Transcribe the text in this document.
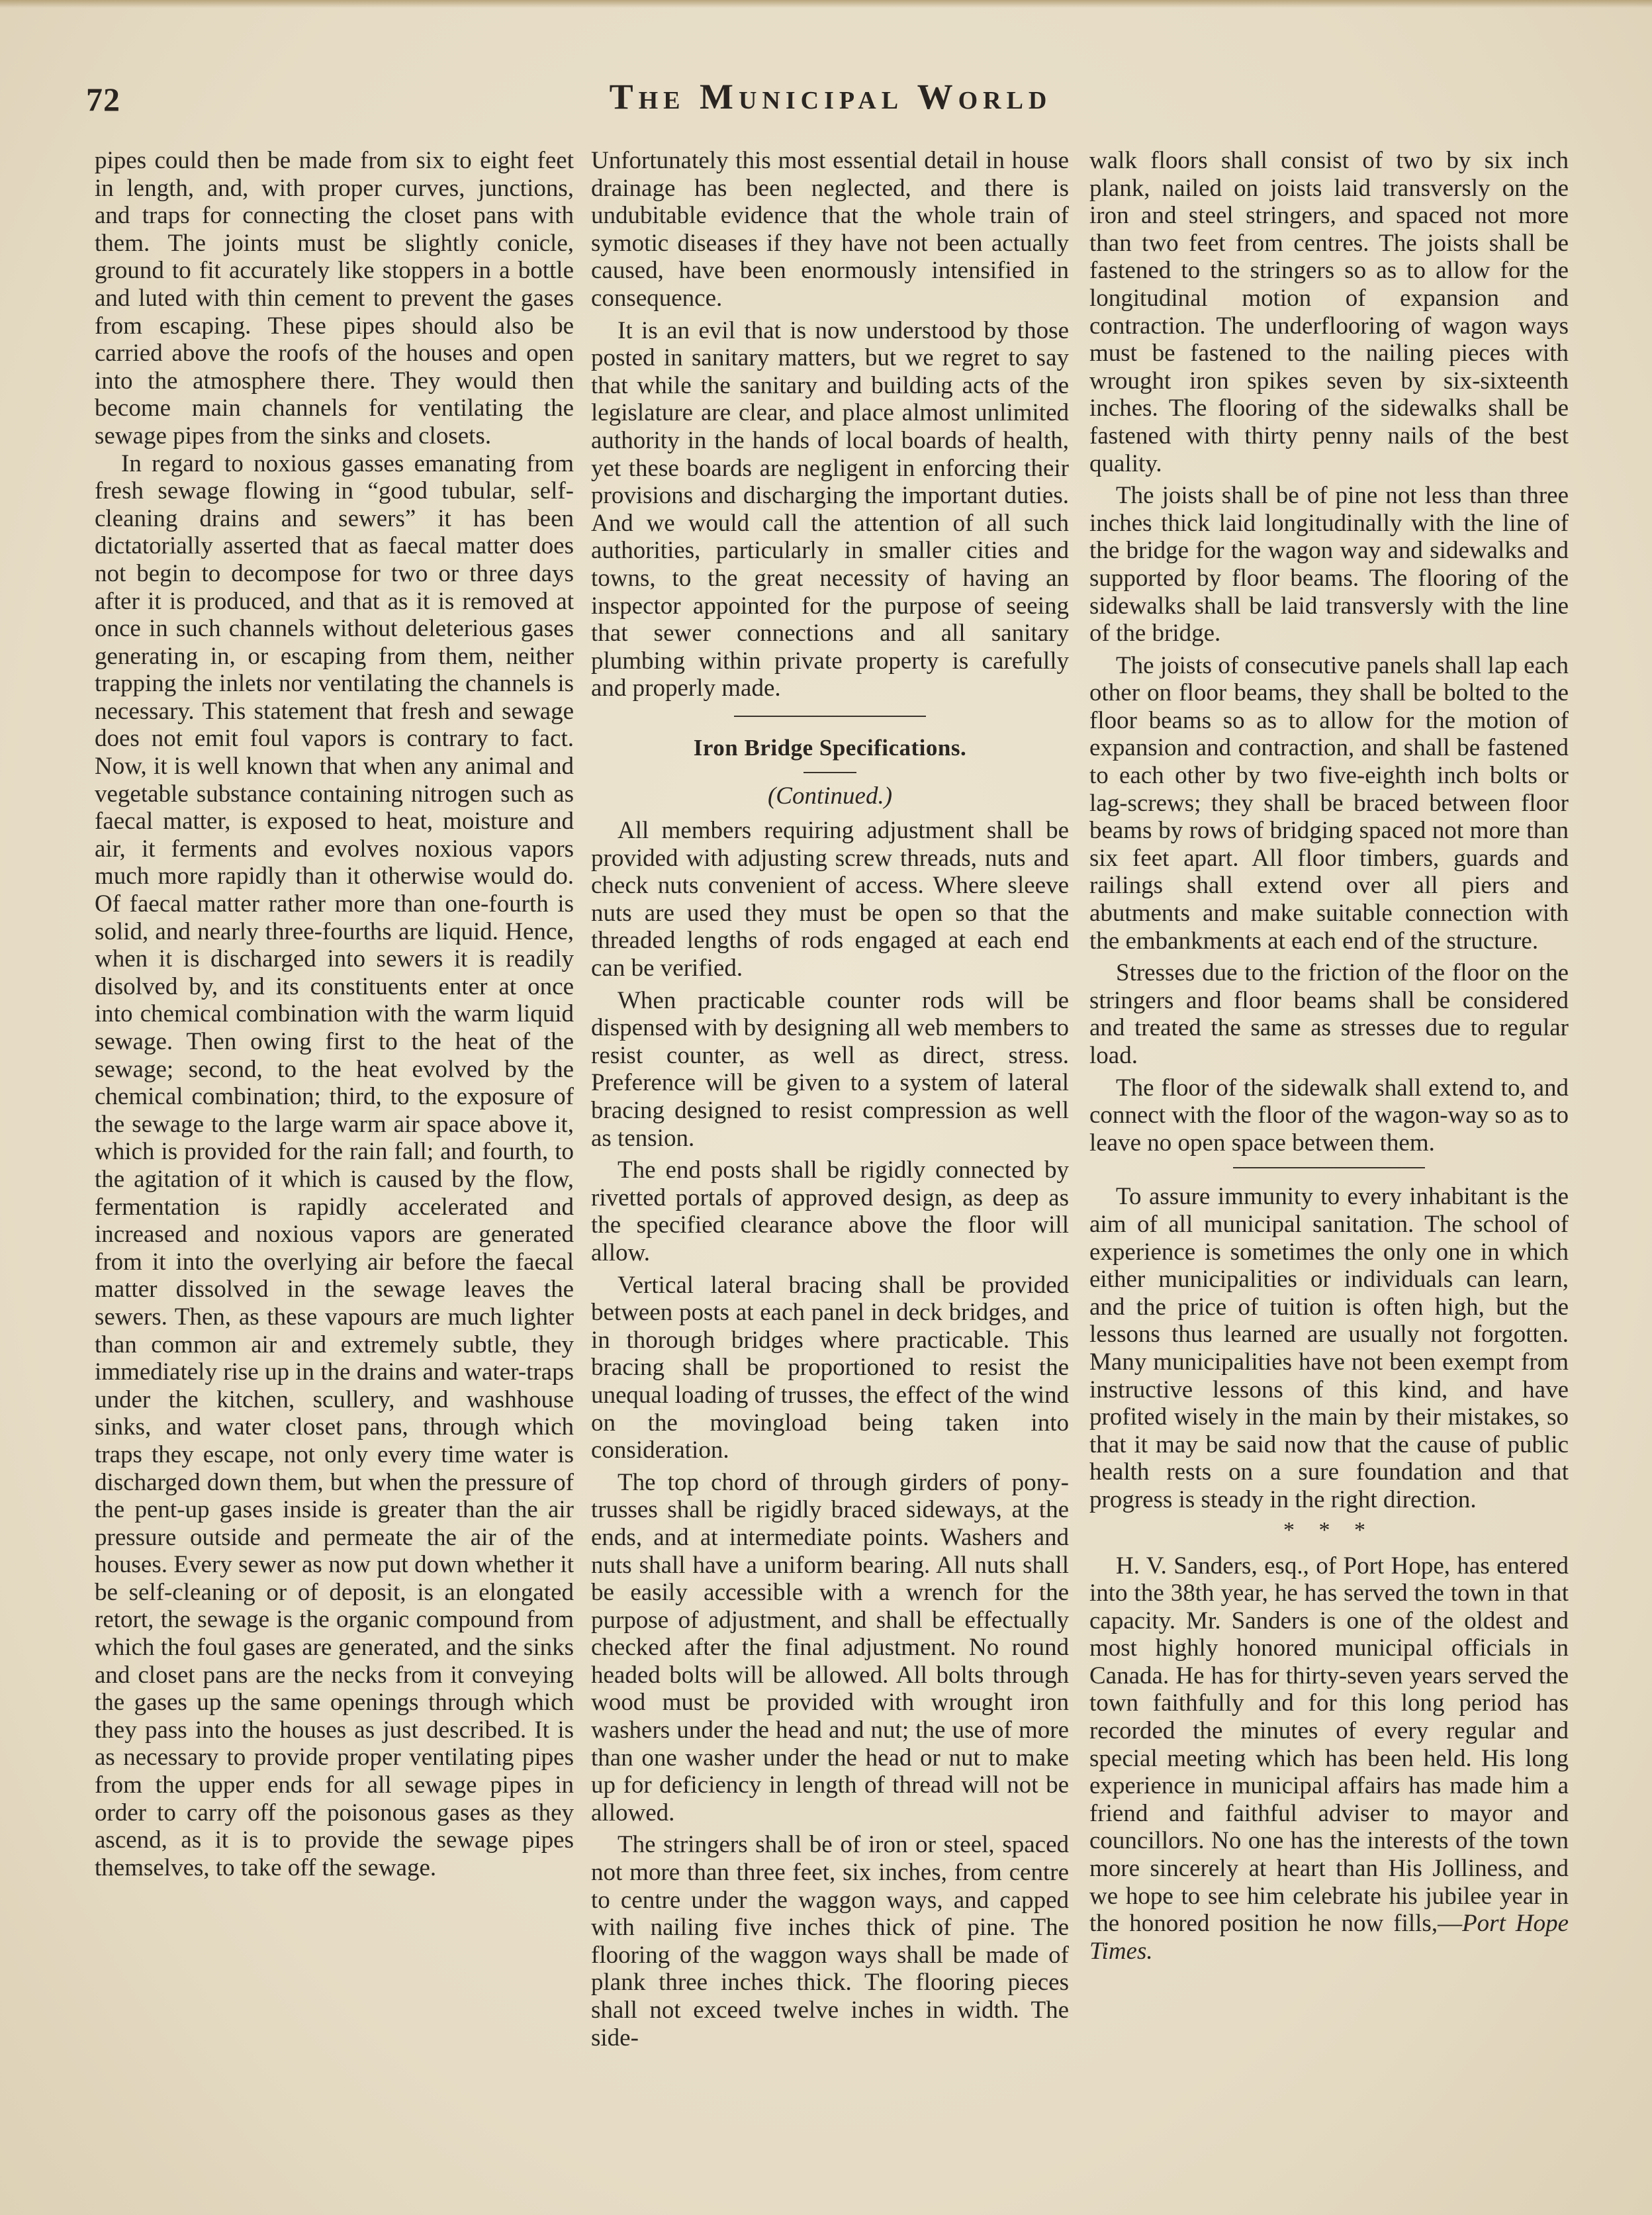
72	The Municipal World

pipes could then be made from six to eight feet in length, and, with proper curves, junctions, and traps for connecting the closet pans with them. The joints must be slightly conicle, ground to fit accurately like stoppers in a bottle and luted with thin cement to prevent the gases from escaping. These pipes should also be carried above the roofs of the houses and open into the atmosphere there. They would then become main channels for ventilating the sewage pipes from the sinks and closets.

In regard to noxious gasses emanating from fresh sewage flowing in “good tubular, self-cleaning drains and sewers” it has been dictatorially asserted that as faecal matter does not begin to decompose for two or three days after it is produced, and that as it is removed at once in such channels without deleterious gases generating in, or escaping from them, neither trapping the inlets nor ventilating the channels is necessary. This statement that fresh and sewage does not emit foul vapors is contrary to fact. Now, it is well known that when any animal and vegetable substance containing nitrogen such as faecal matter, is exposed to heat, moisture and air, it ferments and evolves noxious vapors much more rapidly than it otherwise would do. Of faecal matter rather more than one-fourth is solid, and nearly three-fourths are liquid. Hence, when it is discharged into sewers it is readily disolved by, and its constituents enter at once into chemical combination with the warm liquid sewage. Then owing first to the heat of the sewage; second, to the heat evolved by the chemical combination; third, to the exposure of the sewage to the large warm air space above it, which is provided for the rain fall; and fourth, to the agitation of it which is caused by the flow, fermentation is rapidly accelerated and increased and noxious vapors are generated from it into the overlying air before the faecal matter dissolved in the sewage leaves the sewers. Then, as these vapours are much lighter than common air and extremely subtle, they immediately rise up in the drains and water-traps under the kitchen, scullery, and washhouse sinks, and water closet pans, through which traps they escape, not only every time water is discharged down them, but when the pressure of the pent-up gases inside is greater than the air pressure outside and permeate the air of the houses. Every sewer as now put down whether it be self-cleaning or of deposit, is an elongated retort, the sewage is the organic compound from which the foul gases are generated, and the sinks and closet pans are the necks from it conveying the gases up the same openings through which they pass into the houses as just described. It is as necessary to provide proper ventilating pipes from the upper ends for all sewage pipes in order to carry off the poisonous gases as they ascend, as it is to provide the sewage pipes themselves, to take off the sewage.

Unfortunately this most essential detail in house drainage has been neglected, and there is undubitable evidence that the whole train of symotic diseases if they have not been actually caused, have been enormously intensified in consequence.

It is an evil that is now understood by those posted in sanitary matters, but we regret to say that while the sanitary and building acts of the legislature are clear, and place almost unlimited authority in the hands of local boards of health, yet these boards are negligent in enforcing their provisions and discharging the important duties. And we would call the attention of all such authorities, particularly in smaller cities and towns, to the great necessity of having an inspector appointed for the purpose of seeing that sewer connections and all sanitary plumbing within private property is carefully and properly made.

Iron Bridge Specifications.
(Continued.)

All members requiring adjustment shall be provided with adjusting screw threads, nuts and check nuts convenient of access. Where sleeve nuts are used they must be open so that the threaded lengths of rods engaged at each end can be verified.

When practicable counter rods will be dispensed with by designing all web members to resist counter, as well as direct, stress. Preference will be given to a system of lateral bracing designed to resist compression as well as tension.

The end posts shall be rigidly connected by rivetted portals of approved design, as deep as the specified clearance above the floor will allow.

Vertical lateral bracing shall be provided between posts at each panel in deck bridges, and in thorough bridges where practicable. This bracing shall be proportioned to resist the unequal loading of trusses, the effect of the wind on the movingload being taken into consideration.

The top chord of through girders of pony-trusses shall be rigidly braced sideways, at the ends, and at intermediate points. Washers and nuts shall have a uniform bearing. All nuts shall be easily accessible with a wrench for the purpose of adjustment, and shall be effectually checked after the final adjustment. No round headed bolts will be allowed. All bolts through wood must be provided with wrought iron washers under the head and nut; the use of more than one washer under the head or nut to make up for deficiency in length of thread will not be allowed.

The stringers shall be of iron or steel, spaced not more than three feet, six inches, from centre to centre under the waggon ways, and capped with nailing five inches thick of pine. The flooring of the waggon ways shall be made of plank three inches thick. The flooring pieces shall not exceed twelve inches in width. The side-

walk floors shall consist of two by six inch plank, nailed on joists laid transversly on the iron and steel stringers, and spaced not more than two feet from centres. The joists shall be fastened to the stringers so as to allow for the longitudinal motion of expansion and contraction. The underflooring of wagon ways must be fastened to the nailing pieces with wrought iron spikes seven by six-sixteenth inches. The flooring of the sidewalks shall be fastened with thirty penny nails of the best quality.

The joists shall be of pine not less than three inches thick laid longitudinally with the line of the bridge for the wagon way and sidewalks and supported by floor beams. The flooring of the sidewalks shall be laid transversly with the line of the bridge.

The joists of consecutive panels shall lap each other on floor beams, they shall be bolted to the floor beams so as to allow for the motion of expansion and contraction, and shall be fastened to each other by two five-eighth inch bolts or lag-screws; they shall be braced between floor beams by rows of bridging spaced not more than six feet apart. All floor timbers, guards and railings shall extend over all piers and abutments and make suitable connection with the embankments at each end of the structure.

Stresses due to the friction of the floor on the stringers and floor beams shall be considered and treated the same as stresses due to regular load.

The floor of the sidewalk shall extend to, and connect with the floor of the wagon-way so as to leave no open space between them.

To assure immunity to every inhabitant is the aim of all municipal sanitation. The school of experience is sometimes the only one in which either municipalities or individuals can learn, and the price of tuition is often high, but the lessons thus learned are usually not forgotten. Many municipalities have not been exempt from instructive lessons of this kind, and have profited wisely in the main by their mistakes, so that it may be said now that the cause of public health rests on a sure foundation and that progress is steady in the right direction.

* * *

H. V. Sanders, esq., of Port Hope, has entered into the 38th year, he has served the town in that capacity. Mr. Sanders is one of the oldest and most highly honored municipal officials in Canada. He has for thirty-seven years served the town faithfully and for this long period has recorded the minutes of every regular and special meeting which has been held. His long experience in municipal affairs has made him a friend and faithful adviser to mayor and councillors. No one has the interests of the town more sincerely at heart than His Jolliness, and we hope to see him celebrate his jubilee year in the honored position he now fills,—Port Hope Times.
